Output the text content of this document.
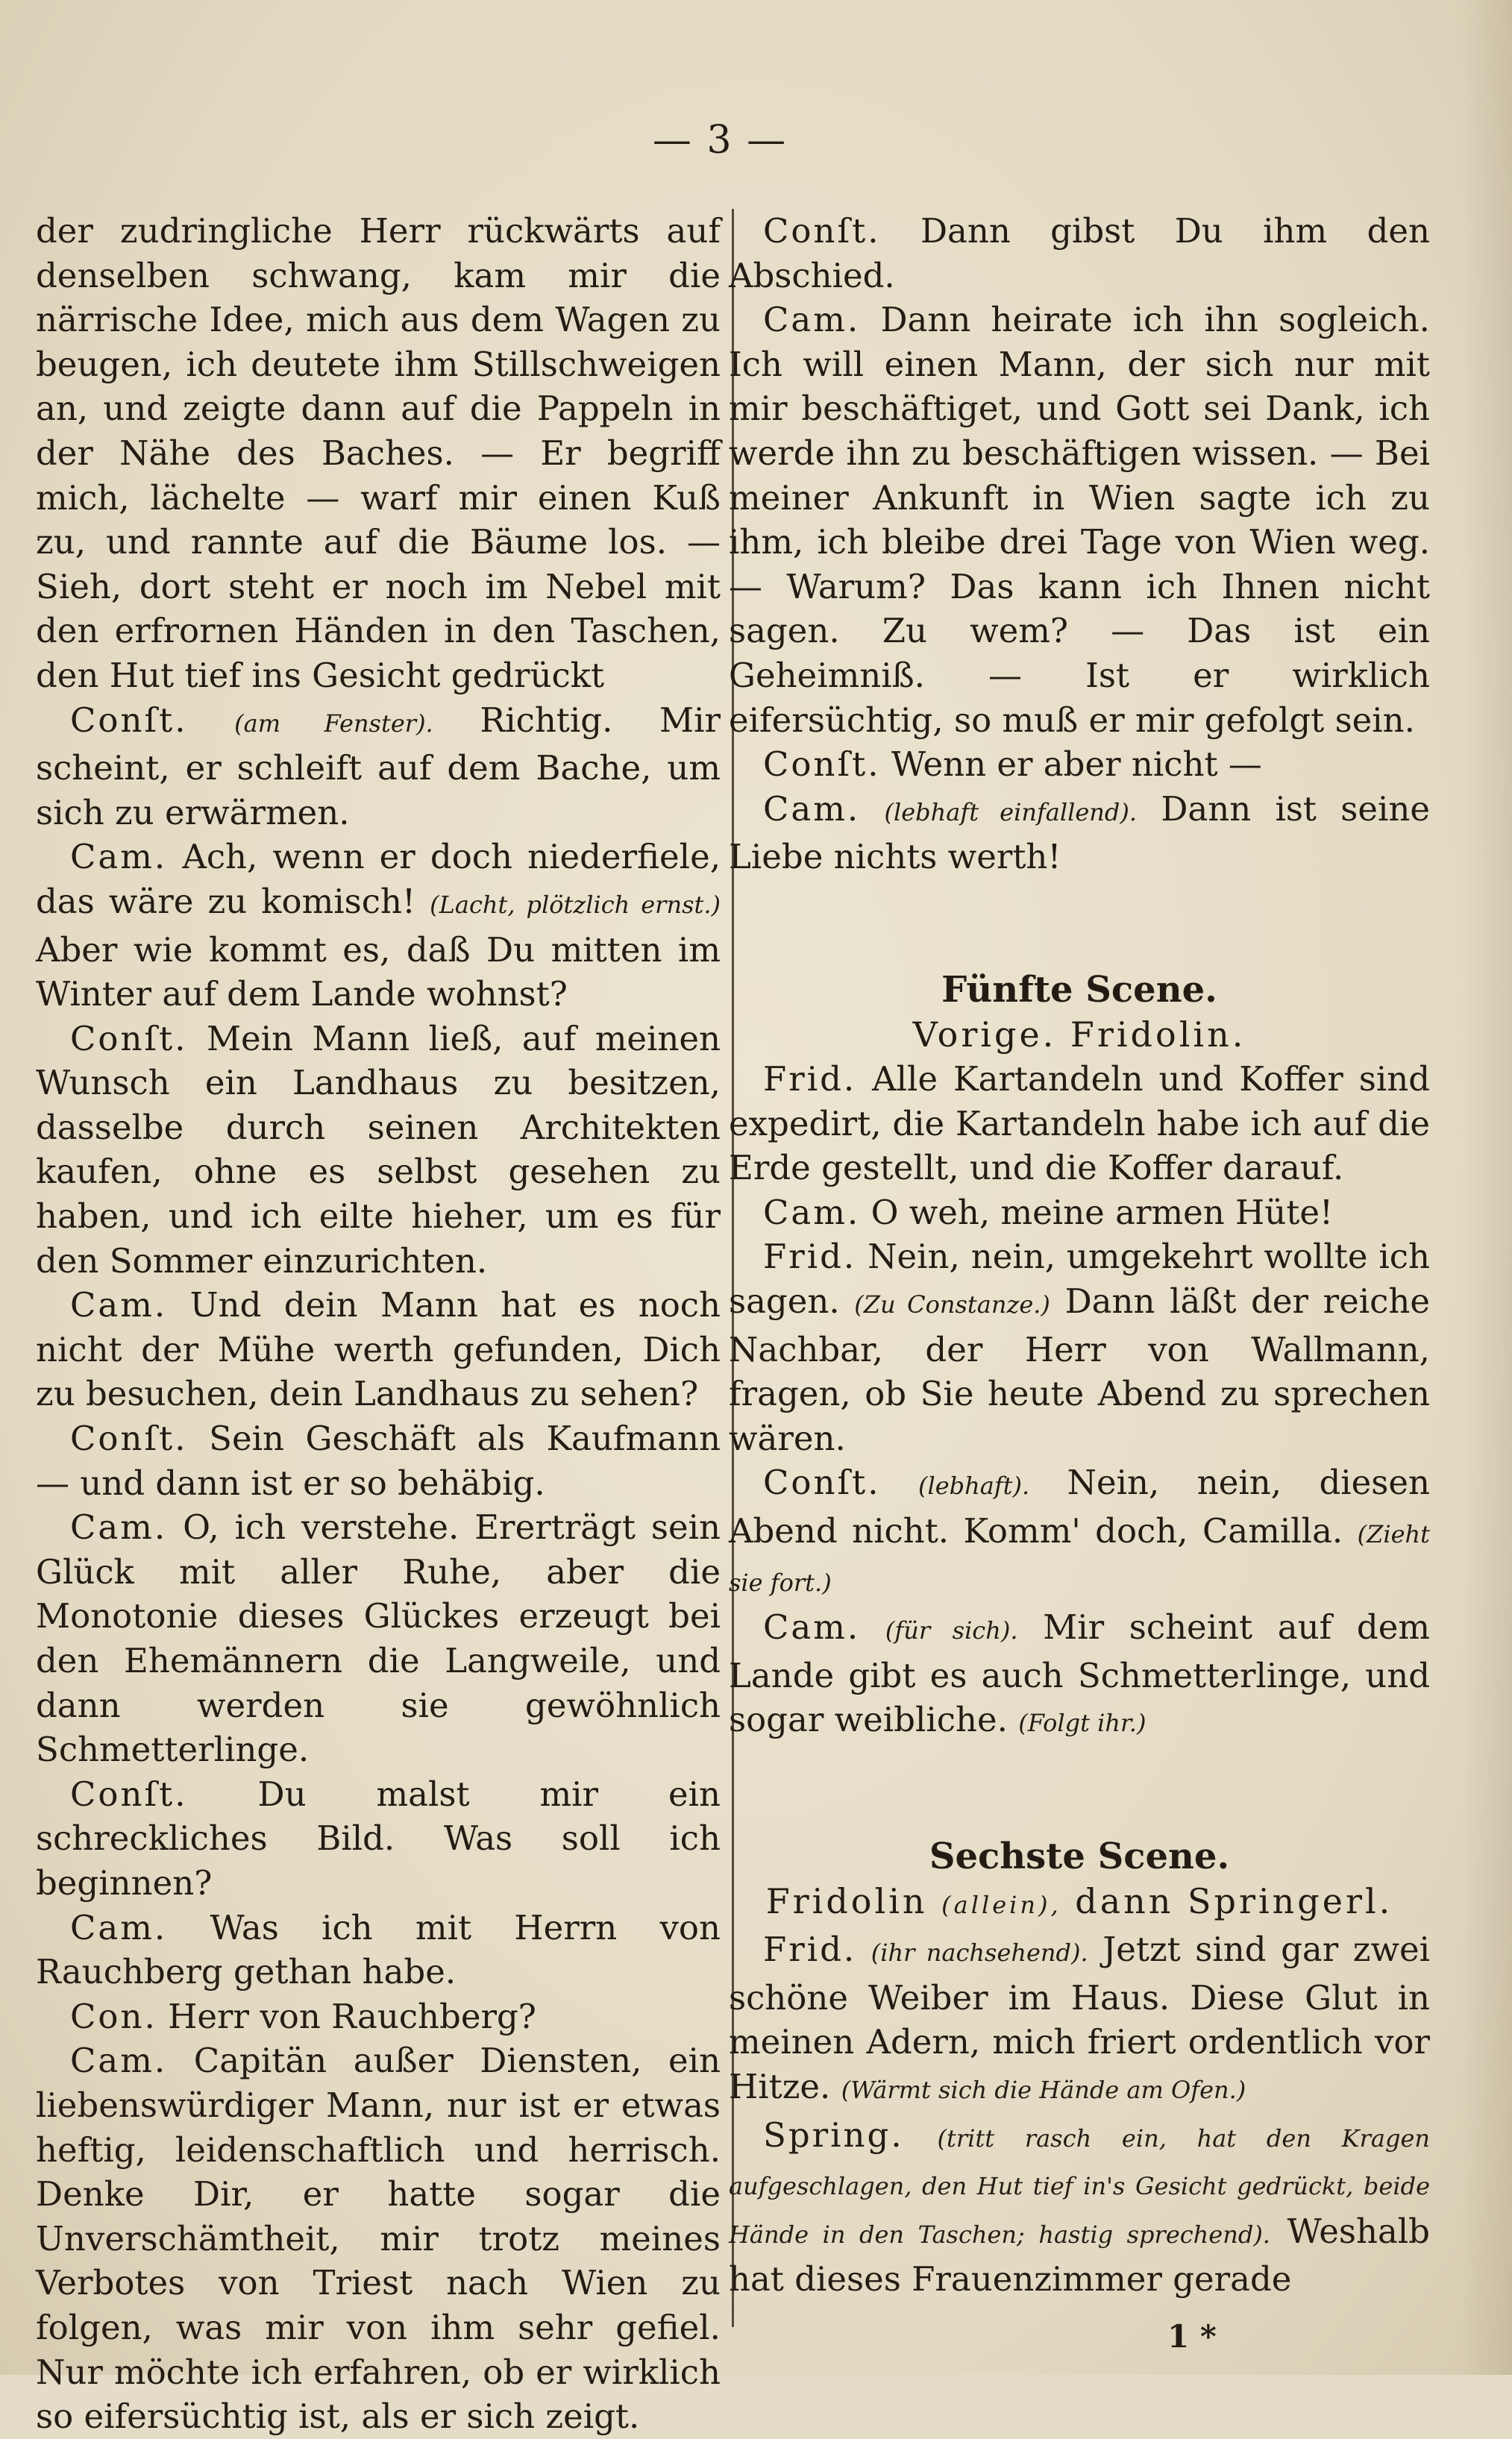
— 3 —

der zudringliche Herr rückwärts auf denselben schwang, kam mir die närrische Idee, mich aus dem Wagen zu beugen, ich deutete ihm Stillschweigen an, und zeigte dann auf die Pappeln in der Nähe des Baches. — Er begriff mich, lächelte — warf mir einen Kuß zu, und rannte auf die Bäume los. — Sieh, dort steht er noch im Nebel mit den erfrornen Händen in den Taschen, den Hut tief ins Gesicht gedrückt

Conſt. (am Fenster). Richtig. Mir scheint, er schleift auf dem Bache, um sich zu erwärmen.

Cam. Ach, wenn er doch niederfiele, das wäre zu komisch! (Lacht, plötzlich ernst.) Aber wie kommt es, daß Du mitten im Winter auf dem Lande wohnst?

Conſt. Mein Mann ließ, auf meinen Wunsch ein Landhaus zu besitzen, dasselbe durch seinen Architekten kaufen, ohne es selbst gesehen zu haben, und ich eilte hieher, um es für den Sommer einzurichten.

Cam. Und dein Mann hat es noch nicht der Mühe werth gefunden, Dich zu besuchen, dein Landhaus zu sehen?

Conſt. Sein Geschäft als Kaufmann — und dann ist er so behäbig.

Cam. O, ich verstehe. Ererträgt sein Glück mit aller Ruhe, aber die Monotonie dieses Glückes erzeugt bei den Ehemännern die Langweile, und dann werden sie gewöhnlich Schmetterlinge.

Conſt. Du malst mir ein schreckliches Bild. Was soll ich beginnen?

Cam. Was ich mit Herrn von Rauchberg gethan habe.

Con. Herr von Rauchberg?

Cam. Capitän außer Diensten, ein liebenswürdiger Mann, nur ist er etwas heftig, leidenschaftlich und herrisch. Denke Dir, er hatte sogar die Unverschämtheit, mir trotz meines Verbotes von Triest nach Wien zu folgen, was mir von ihm sehr gefiel. Nur möchte ich erfahren, ob er wirklich so eifersüchtig ist, als er sich zeigt.

Conſt. Dann gibst Du ihm den Abschied.

Cam. Dann heirate ich ihn sogleich. Ich will einen Mann, der sich nur mit mir beschäftiget, und Gott sei Dank, ich werde ihn zu beschäftigen wissen. — Bei meiner Ankunft in Wien sagte ich zu ihm, ich bleibe drei Tage von Wien weg. — Warum? Das kann ich Ihnen nicht sagen. Zu wem? — Das ist ein Geheimniß. — Ist er wirklich eifersüchtig, so muß er mir gefolgt sein.

Conſt. Wenn er aber nicht —

Cam. (lebhaft einfallend). Dann ist seine Liebe nichts werth!

Fünfte Scene.

Vorige. Fridolin.

Frid. Alle Kartandeln und Koffer sind expedirt, die Kartandeln habe ich auf die Erde gestellt, und die Koffer darauf.

Cam. O weh, meine armen Hüte!

Frid. Nein, nein, umgekehrt wollte ich sagen. (Zu Constanze.) Dann läßt der reiche Nachbar, der Herr von Wallmann, fragen, ob Sie heute Abend zu sprechen wären.

Conſt. (lebhaft). Nein, nein, diesen Abend nicht. Komm' doch, Camilla. (Zieht sie fort.)

Cam. (für sich). Mir scheint auf dem Lande gibt es auch Schmetterlinge, und sogar weibliche. (Folgt ihr.)

Sechste Scene.

Fridolin (allein), dann Springerl.

Frid. (ihr nachsehend). Jetzt sind gar zwei schöne Weiber im Haus. Diese Glut in meinen Adern, mich friert ordentlich vor Hitze. (Wärmt sich die Hände am Ofen.)

Spring. (tritt rasch ein, hat den Kragen aufgeschlagen, den Hut tief in's Gesicht gedrückt, beide Hände in den Taschen; hastig sprechend). Weshalb hat dieses Frauenzimmer gerade

1 *
